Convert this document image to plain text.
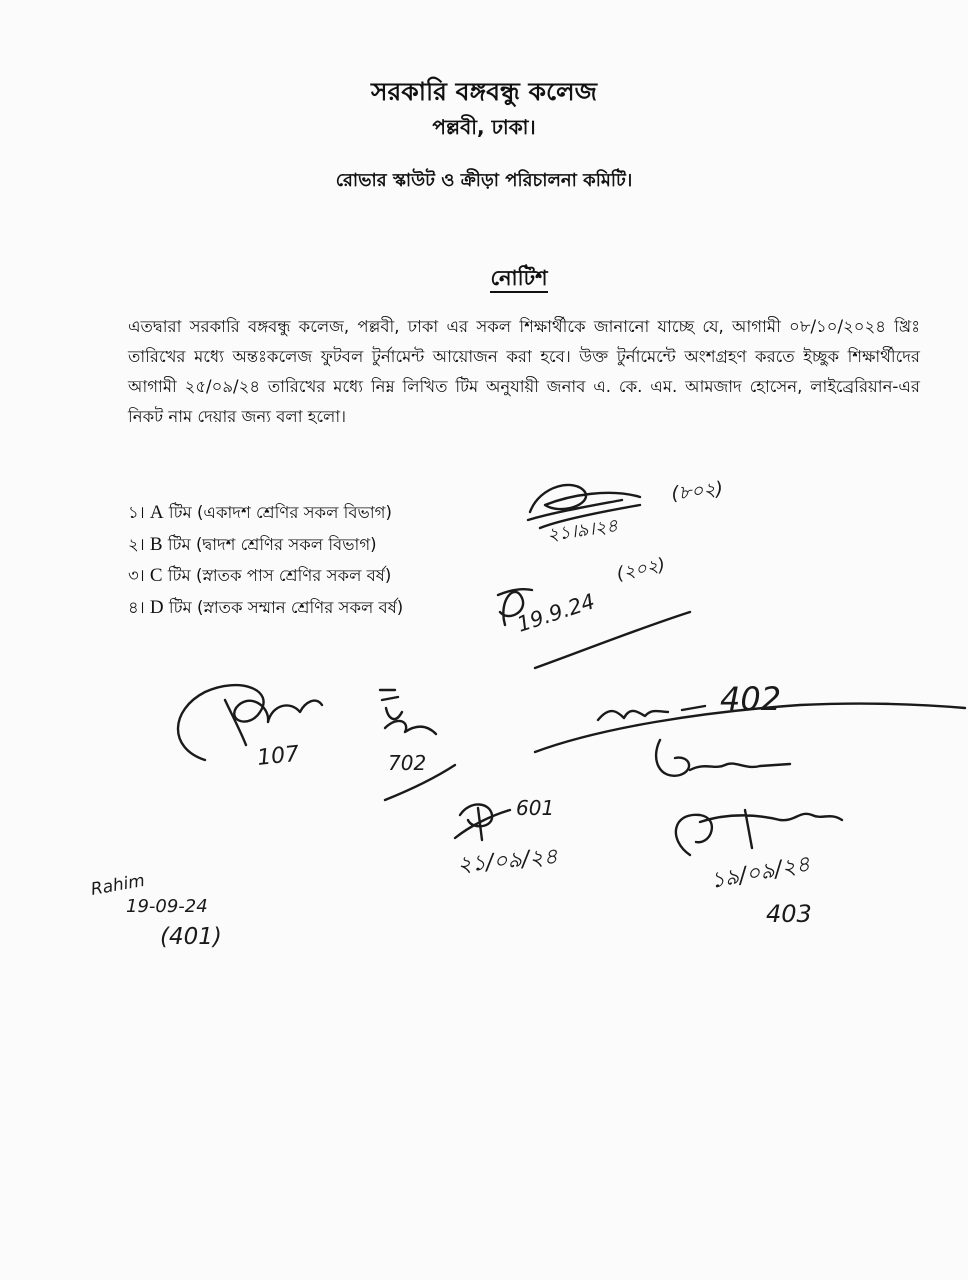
সরকারি বঙ্গবন্ধু কলেজ
পল্লবী, ঢাকা।
রোভার স্কাউট ও ক্রীড়া পরিচালনা কমিটি।
নোটিশ
এতদ্বারা সরকারি বঙ্গবন্ধু কলেজ, পল্লবী, ঢাকা এর সকল শিক্ষার্থীকে জানানো যাচ্ছে যে, আগামী ০৮/১০/২০২৪ খ্রিঃ তারিখের মধ্যে অন্তঃকলেজ ফুটবল টুর্নামেন্ট আয়োজন করা হবে। উক্ত টুর্নামেন্টে অংশগ্রহণ করতে ইচ্ছুক শিক্ষার্থীদের আগামী ২৫/০৯/২৪ তারিখের মধ্যে নিম্ন লিখিত টিম অনুযায়ী জনাব এ. কে. এম. আমজাদ হোসেন, লাইব্রেরিয়ান-এর নিকট নাম দেয়ার জন্য বলা হলো।
১। A টিম (একাদশ শ্রেণির সকল বিভাগ)
২। B টিম (দ্বাদশ শ্রেণির সকল বিভাগ)
৩। C টিম (স্নাতক পাস শ্রেণির সকল বর্ষ)
৪। D টিম (স্নাতক সম্মান শ্রেণির সকল বর্ষ)
২১।৯।২৪
(৮০২)
19.9.24
(২০২)
107	702
402
601
২১/০৯/২৪	১৯/০৯/২৪
403
Rahim
19-09-24
(401)
